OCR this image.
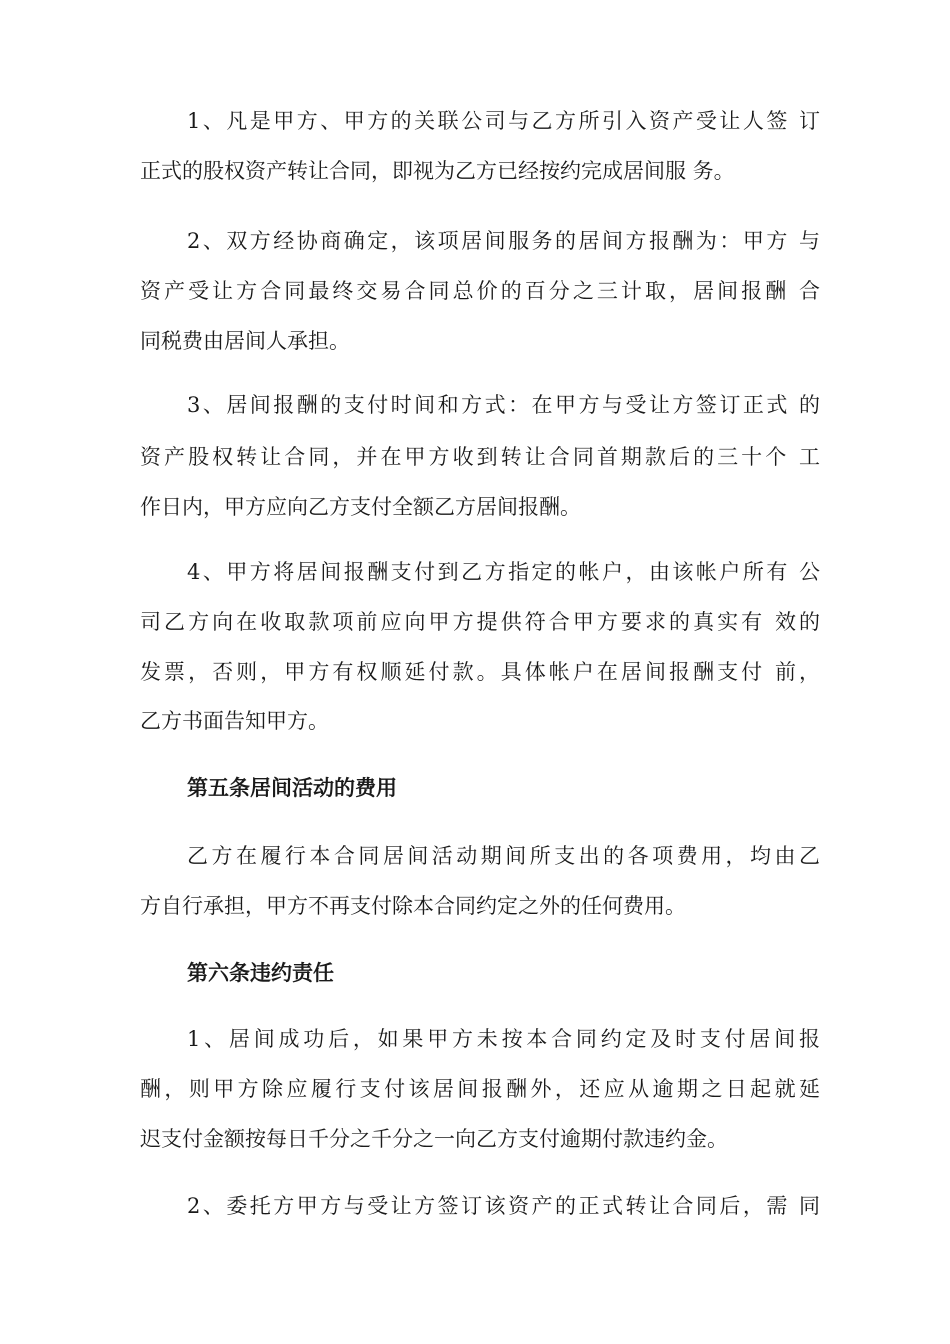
1、凡是甲方、甲方的关联公司与乙方所引入资产受让人签 订
正式的股权资产转让合同，即视为乙方已经按约完成居间服 务。
2、双方经协商确定，该项居间服务的居间方报酬为：甲方 与
资产受让方合同最终交易合同总价的百分之三计取，居间报酬 合
同税费由居间人承担。
3、居间报酬的支付时间和方式：在甲方与受让方签订正式 的
资产股权转让合同，并在甲方收到转让合同首期款后的三十个 工
作日内，甲方应向乙方支付全额乙方居间报酬。
4、甲方将居间报酬支付到乙方指定的帐户，由该帐户所有 公
司乙方向在收取款项前应向甲方提供符合甲方要求的真实有 效的
发票，否则，甲方有权顺延付款。具体帐户在居间报酬支付 前，
乙方书面告知甲方。
第五条居间活动的费用
乙方在履行本合同居间活动期间所支出的各项费用，均由乙
方自行承担，甲方不再支付除本合同约定之外的任何费用。
第六条违约责任
1、居间成功后，如果甲方未按本合同约定及时支付居间报
酬，则甲方除应履行支付该居间报酬外，还应从逾期之日起就延
迟支付金额按每日千分之千分之一向乙方支付逾期付款违约金。
2、委托方甲方与受让方签订该资产的正式转让合同后，需 同
